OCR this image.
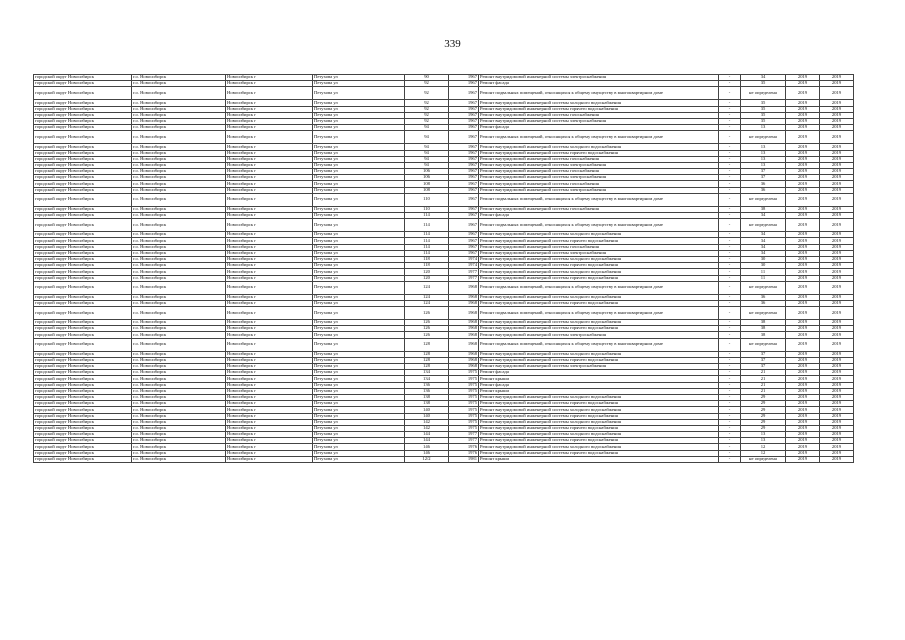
339
городской округ Новосибирск	г.о. Новосибирск	Новосибирск г	Петухова ул	90	1967	Ремонт внутридомовой инженерной системы электроснабжения	-	34	2019	2019
городской округ Новосибирск	г.о. Новосибирск	Новосибирск г	Петухова ул	92	1967	Ремонт фасада	-	35	2019	2019
городской округ Новосибирск	г.о. Новосибирск	Новосибирск г	Петухова ул	92	1967	Ремонт подвальных помещений, относящихся к общему имуществу в многоквартирном доме	-	не определена	2019	2019
городской округ Новосибирск	г.о. Новосибирск	Новосибирск г	Петухова ул	92	1967	Ремонт внутридомовой инженерной системы холодного водоснабжения	-	35	2019	2019
городской округ Новосибирск	г.о. Новосибирск	Новосибирск г	Петухова ул	92	1967	Ремонт внутридомовой инженерной системы горячего водоснабжения	-	35	2019	2019
городской округ Новосибирск	г.о. Новосибирск	Новосибирск г	Петухова ул	92	1967	Ремонт внутридомовой инженерной системы газоснабжения	-	35	2019	2019
городской округ Новосибирск	г.о. Новосибирск	Новосибирск г	Петухова ул	92	1967	Ремонт внутридомовой инженерной системы электроснабжения	-	35	2019	2019
городской округ Новосибирск	г.о. Новосибирск	Новосибирск г	Петухова ул	94	1967	Ремонт фасада	-	13	2019	2019
городской округ Новосибирск	г.о. Новосибирск	Новосибирск г	Петухова ул	94	1967	Ремонт подвальных помещений, относящихся к общему имуществу в многоквартирном доме	-	не определена	2019	2019
городской округ Новосибирск	г.о. Новосибирск	Новосибирск г	Петухова ул	94	1967	Ремонт внутридомовой инженерной системы холодного водоснабжения	-	13	2019	2019
городской округ Новосибирск	г.о. Новосибирск	Новосибирск г	Петухова ул	94	1967	Ремонт внутридомовой инженерной системы горячего водоснабжения	-	13	2019	2019
городской округ Новосибирск	г.о. Новосибирск	Новосибирск г	Петухова ул	94	1967	Ремонт внутридомовой инженерной системы газоснабжения	-	13	2019	2019
городской округ Новосибирск	г.о. Новосибирск	Новосибирск г	Петухова ул	94	1967	Ремонт внутридомовой инженерной системы электроснабжения	-	13	2019	2019
городской округ Новосибирск	г.о. Новосибирск	Новосибирск г	Петухова ул	106	1967	Ремонт внутридомовой инженерной системы газоснабжения	-	37	2019	2019
городской округ Новосибирск	г.о. Новосибирск	Новосибирск г	Петухова ул	106	1967	Ремонт внутридомовой инженерной системы электроснабжения	-	37	2019	2019
городской округ Новосибирск	г.о. Новосибирск	Новосибирск г	Петухова ул	108	1967	Ремонт внутридомовой инженерной системы газоснабжения	-	36	2019	2019
городской округ Новосибирск	г.о. Новосибирск	Новосибирск г	Петухова ул	108	1967	Ремонт внутридомовой инженерной системы электроснабжения	-	36	2019	2019
городской округ Новосибирск	г.о. Новосибирск	Новосибирск г	Петухова ул	110	1967	Ремонт подвальных помещений, относящихся к общему имуществу в многоквартирном доме	-	не определена	2019	2019
городской округ Новосибирск	г.о. Новосибирск	Новосибирск г	Петухова ул	110	1967	Ремонт внутридомовой инженерной системы газоснабжения	-	38	2019	2019
городской округ Новосибирск	г.о. Новосибирск	Новосибирск г	Петухова ул	114	1967	Ремонт фасада	-	34	2019	2019
городской округ Новосибирск	г.о. Новосибирск	Новосибирск г	Петухова ул	114	1967	Ремонт подвальных помещений, относящихся к общему имуществу в многоквартирном доме	-	не определена	2019	2019
городской округ Новосибирск	г.о. Новосибирск	Новосибирск г	Петухова ул	114	1967	Ремонт внутридомовой инженерной системы холодного водоснабжения	-	34	2019	2019
городской округ Новосибирск	г.о. Новосибирск	Новосибирск г	Петухова ул	114	1967	Ремонт внутридомовой инженерной системы горячего водоснабжения	-	34	2019	2019
городской округ Новосибирск	г.о. Новосибирск	Новосибирск г	Петухова ул	114	1967	Ремонт внутридомовой инженерной системы газоснабжения	-	34	2019	2019
городской округ Новосибирск	г.о. Новосибирск	Новосибирск г	Петухова ул	114	1967	Ремонт внутридомовой инженерной системы электроснабжения	-	34	2019	2019
городской округ Новосибирск	г.о. Новосибирск	Новосибирск г	Петухова ул	118	1974	Ремонт внутридомовой инженерной системы холодного водоснабжения	-	30	2019	2019
городской округ Новосибирск	г.о. Новосибирск	Новосибирск г	Петухова ул	118	1974	Ремонт внутридомовой инженерной системы горячего водоснабжения	-	30	2019	2019
городской округ Новосибирск	г.о. Новосибирск	Новосибирск г	Петухова ул	120	1977	Ремонт внутридомовой инженерной системы холодного водоснабжения	-	11	2019	2019
городской округ Новосибирск	г.о. Новосибирск	Новосибирск г	Петухова ул	120	1977	Ремонт внутридомовой инженерной системы горячего водоснабжения	-	11	2019	2019
городской округ Новосибирск	г.о. Новосибирск	Новосибирск г	Петухова ул	124	1968	Ремонт подвальных помещений, относящихся к общему имуществу в многоквартирном доме	-	не определена	2019	2019
городской округ Новосибирск	г.о. Новосибирск	Новосибирск г	Петухова ул	124	1968	Ремонт внутридомовой инженерной системы холодного водоснабжения	-	36	2019	2019
городской округ Новосибирск	г.о. Новосибирск	Новосибирск г	Петухова ул	124	1968	Ремонт внутридомовой инженерной системы горячего водоснабжения	-	36	2019	2019
городской округ Новосибирск	г.о. Новосибирск	Новосибирск г	Петухова ул	126	1968	Ремонт подвальных помещений, относящихся к общему имуществу в многоквартирном доме	-	не определена	2019	2019
городской округ Новосибирск	г.о. Новосибирск	Новосибирск г	Петухова ул	126	1968	Ремонт внутридомовой инженерной системы холодного водоснабжения	-	38	2019	2019
городской округ Новосибирск	г.о. Новосибирск	Новосибирск г	Петухова ул	126	1968	Ремонт внутридомовой инженерной системы горячего водоснабжения	-	38	2019	2019
городской округ Новосибирск	г.о. Новосибирск	Новосибирск г	Петухова ул	126	1968	Ремонт внутридомовой инженерной системы электроснабжения	-	38	2019	2019
городской округ Новосибирск	г.о. Новосибирск	Новосибирск г	Петухова ул	128	1968	Ремонт подвальных помещений, относящихся к общему имуществу в многоквартирном доме	-	не определена	2019	2019
городской округ Новосибирск	г.о. Новосибирск	Новосибирск г	Петухова ул	128	1968	Ремонт внутридомовой инженерной системы холодного водоснабжения	-	37	2019	2019
городской округ Новосибирск	г.о. Новосибирск	Новосибирск г	Петухова ул	128	1968	Ремонт внутридомовой инженерной системы горячего водоснабжения	-	37	2019	2019
городской округ Новосибирск	г.о. Новосибирск	Новосибирск г	Петухова ул	128	1968	Ремонт внутридомовой инженерной системы электроснабжения	-	37	2019	2019
городской округ Новосибирск	г.о. Новосибирск	Новосибирск г	Петухова ул	134	1975	Ремонт фасада	-	21	2019	2019
городской округ Новосибирск	г.о. Новосибирск	Новосибирск г	Петухова ул	134	1975	Ремонт крыши	-	21	2019	2019
городской округ Новосибирск	г.о. Новосибирск	Новосибирск г	Петухова ул	136	1975	Ремонт фасада	-	21	2019	2019
городской округ Новосибирск	г.о. Новосибирск	Новосибирск г	Петухова ул	136	1975	Ремонт крыши	-	21	2019	2019
городской округ Новосибирск	г.о. Новосибирск	Новосибирск г	Петухова ул	138	1975	Ремонт внутридомовой инженерной системы холодного водоснабжения	-	29	2019	2019
городской округ Новосибирск	г.о. Новосибирск	Новосибирск г	Петухова ул	138	1975	Ремонт внутридомовой инженерной системы горячего водоснабжения	-	29	2019	2019
городской округ Новосибирск	г.о. Новосибирск	Новосибирск г	Петухова ул	140	1975	Ремонт внутридомовой инженерной системы холодного водоснабжения	-	29	2019	2019
городской округ Новосибирск	г.о. Новосибирск	Новосибирск г	Петухова ул	140	1975	Ремонт внутридомовой инженерной системы горячего водоснабжения	-	29	2019	2019
городской округ Новосибирск	г.о. Новосибирск	Новосибирск г	Петухова ул	142	1975	Ремонт внутридомовой инженерной системы холодного водоснабжения	-	29	2019	2019
городской округ Новосибирск	г.о. Новосибирск	Новосибирск г	Петухова ул	142	1975	Ремонт внутридомовой инженерной системы горячего водоснабжения	-	29	2019	2019
городской округ Новосибирск	г.о. Новосибирск	Новосибирск г	Петухова ул	144	1977	Ремонт внутридомовой инженерной системы холодного водоснабжения	-	13	2019	2019
городской округ Новосибирск	г.о. Новосибирск	Новосибирск г	Петухова ул	144	1977	Ремонт внутридомовой инженерной системы горячего водоснабжения	-	13	2019	2019
городской округ Новосибирск	г.о. Новосибирск	Новосибирск г	Петухова ул	146	1976	Ремонт внутридомовой инженерной системы холодного водоснабжения	-	12	2019	2019
городской округ Новосибирск	г.о. Новосибирск	Новосибирск г	Петухова ул	146	1976	Ремонт внутридомовой инженерной системы горячего водоснабжения	-	12	2019	2019
городской округ Новосибирск	г.о. Новосибирск	Новосибирск г	Петухова ул	12/2	1981	Ремонт крыши	-	не определена	2019	2019
